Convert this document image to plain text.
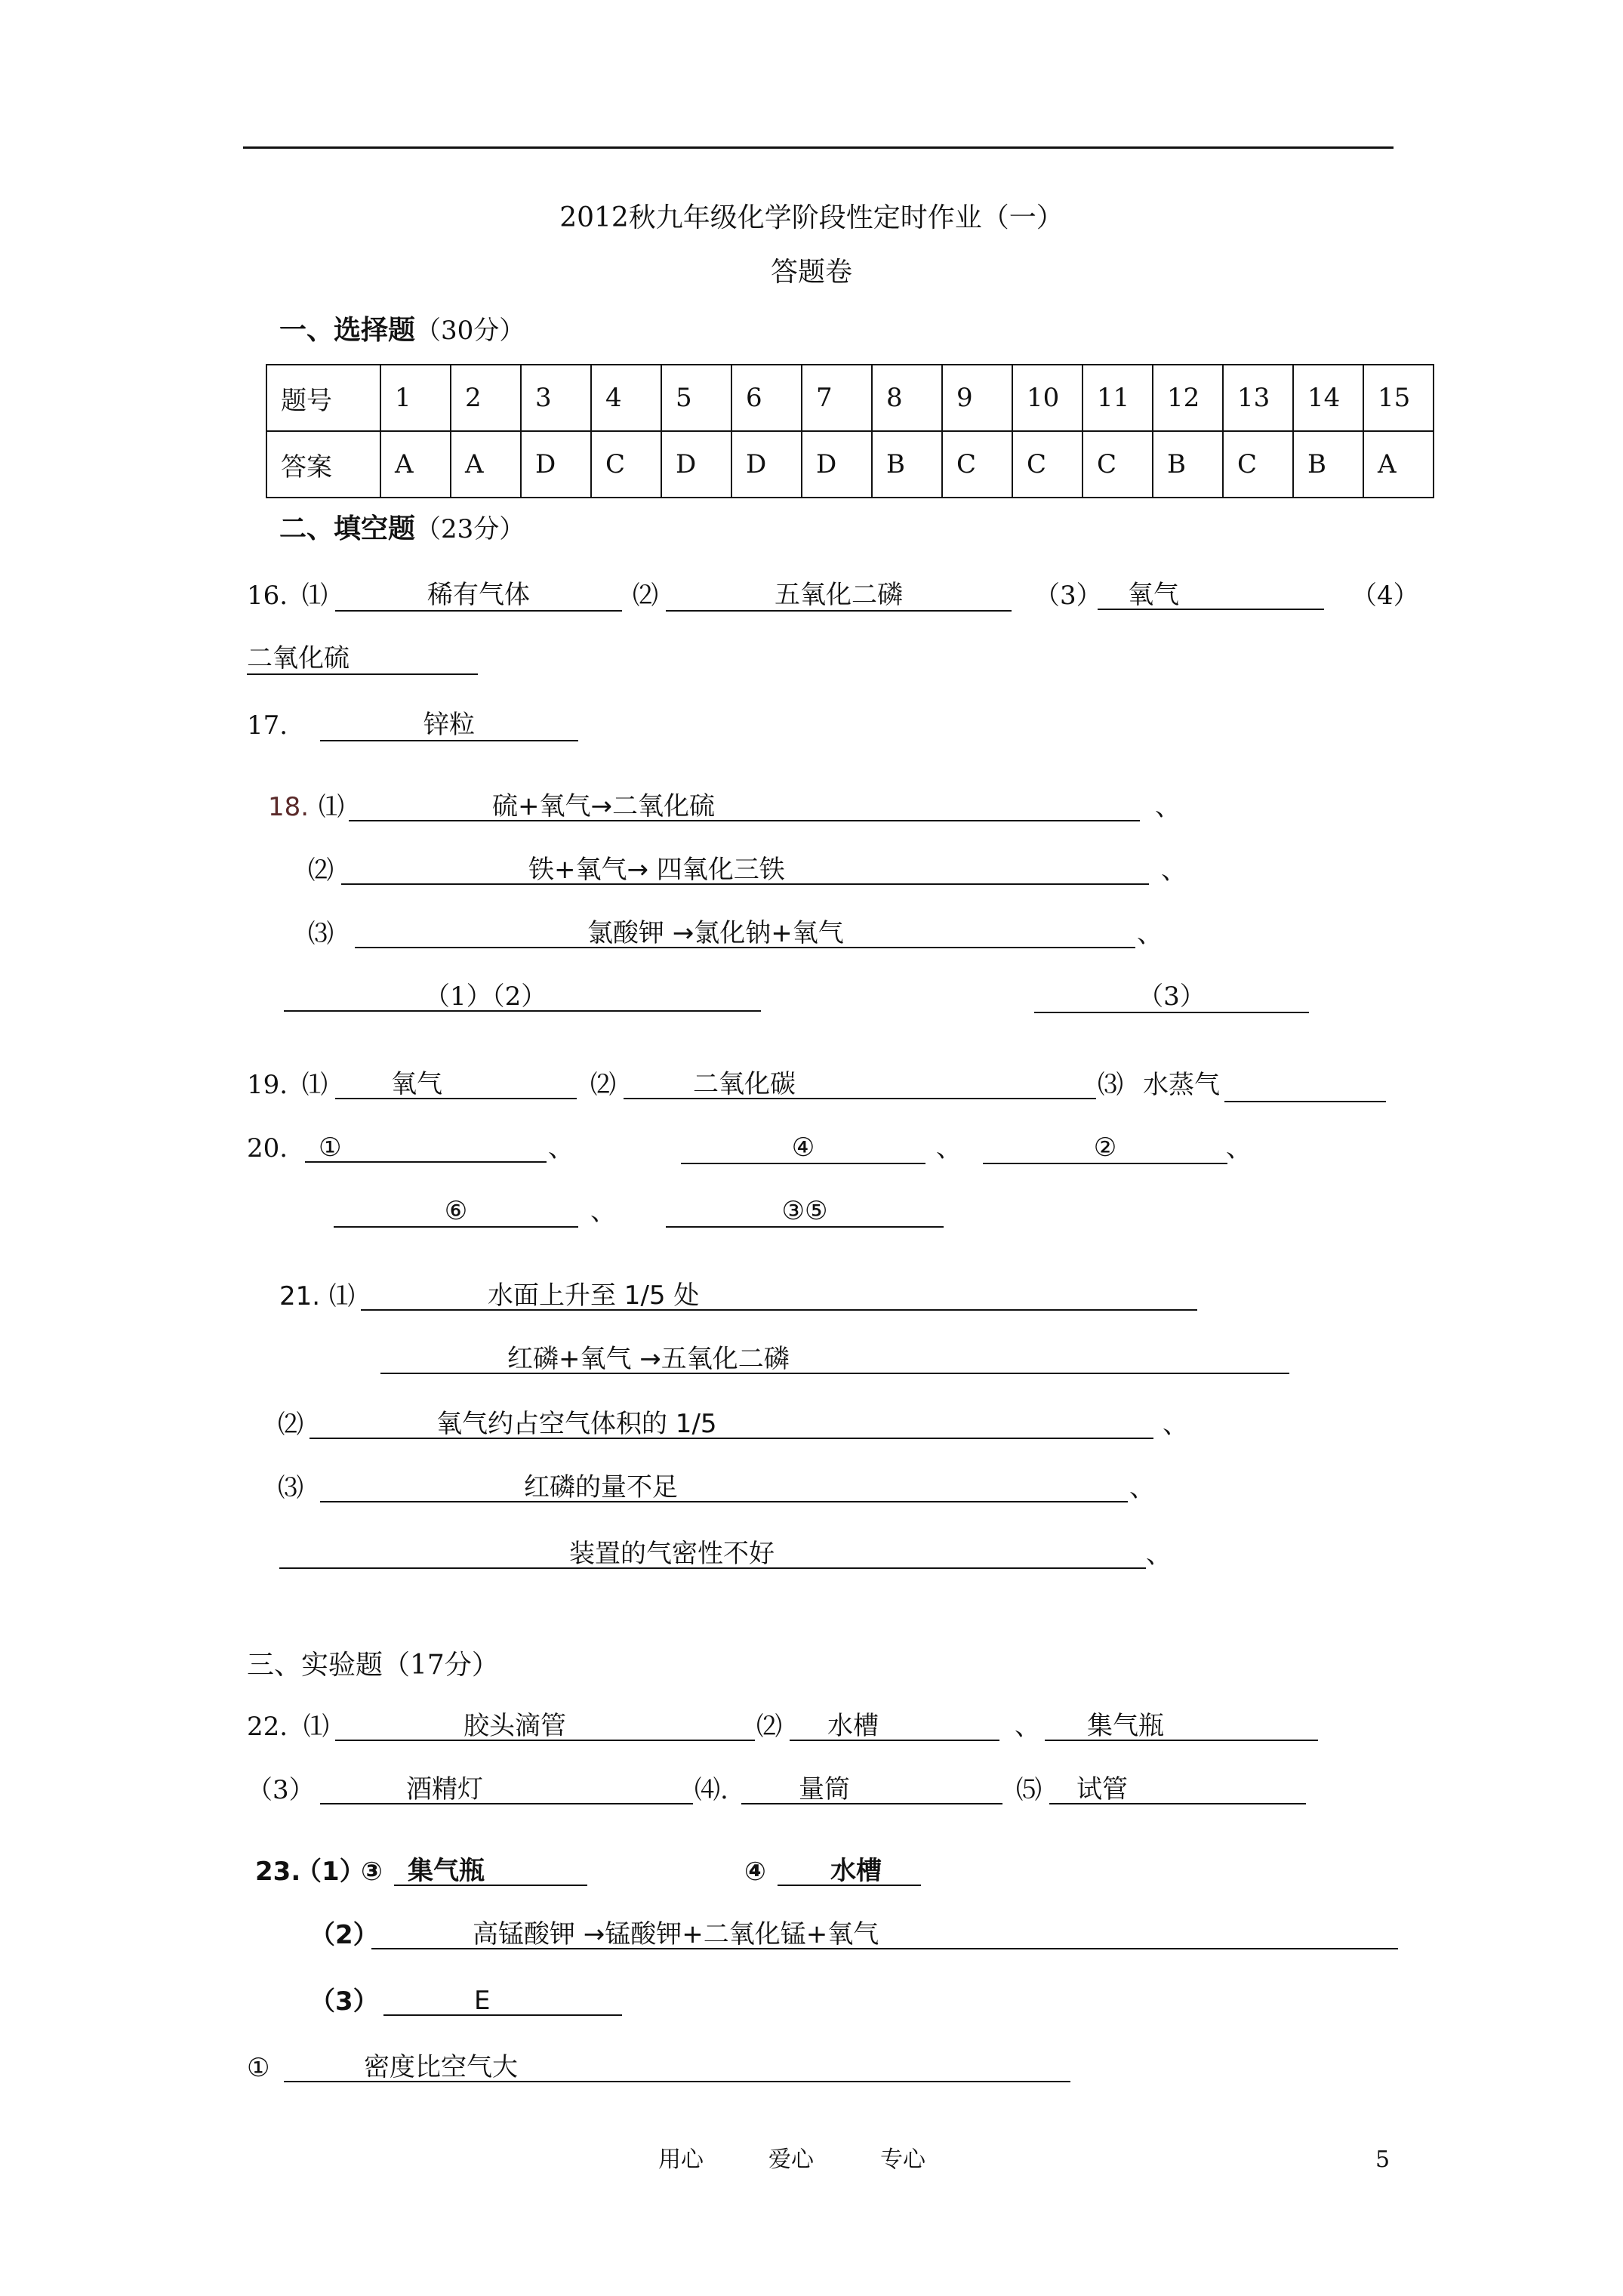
2012秋九年级化学阶段性定时作业（一）
答题卷
一、选择题（30分）
题号	1	2	3	4	5	6	7	8	9	10	11	12	13	14	15
答案	A	A	D	C	D	D	D	B	C	C	C	B	C	B	A
二、填空题（23分）
16. ⑴	稀有气体	⑵	五氧化二磷	（3）	氧气	（4）
二氧化硫
17.	锌粒
18. ⑴	硫+氧气→二氧化硫	、
⑵	铁+氧气→ 四氧化三铁	、
⑶	氯酸钾 →氯化钠+氧气	、
（1）（2）	（3）
19. ⑴	氧气	⑵	二氧化碳	⑶ 水蒸气
20.	①	、	④	、	②	、
⑥	、	③⑤
21. ⑴	水面上升至 1/5 处
红磷+氧气 →五氧化二磷
⑵	氧气约占空气体积的 1/5	、
⑶	红磷的量不足	、
装置的气密性不好	、
三、实验题（17分）
22. ⑴	胶头滴管	⑵	水槽	、	集气瓶
（3）	酒精灯	⑷.	量筒	⑸	试管
23.
（1）
③ 集气瓶	④	水槽
（2）	高锰酸钾 →锰酸钾+二氧化锰+氧气
（3）	E
①	密度比空气大
用心	爱心	专心	5
